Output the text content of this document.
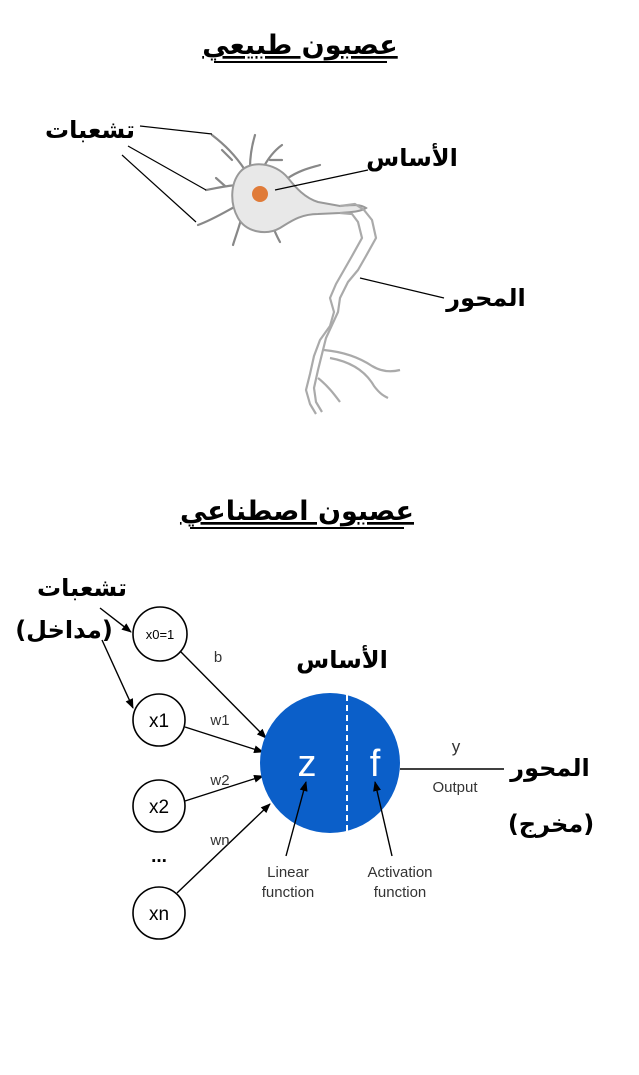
عصبون طبيعي
تشعبات
الأساس
المحور
عصبون اصطناعي
تشعبات
(مداخل)	x0=1
x1
x2
...
xn
b
w1
w2
wn
الأساس
z f
Linear
function
Activation
function
y
Output
المحور
(مخرج)
